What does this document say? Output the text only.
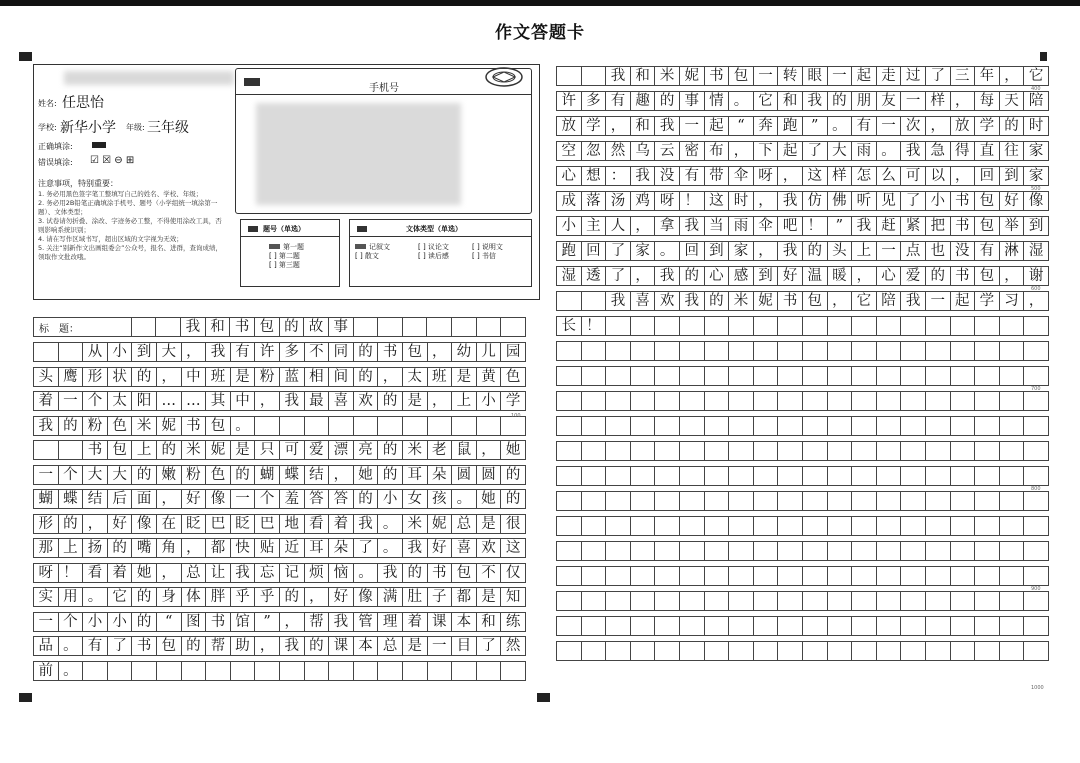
作文答题卡
姓名: 任思怡
学校: 新华小学 年级: 三年级
正确填涂:
错误填涂: ☑ ☒ ⊖ ⊞
注意事项，特别重要：
1. 务必用黑色签字笔工整填写自己的姓名、学校、年级；
2. 务必用2B铅笔正确填涂手机号、题号（小学组统一填涂第一题）、文体类型；
3. 试卷请勿折叠、涂改、字迹务必工整，不得使用涂改工具，否则影响系统识别；
4. 请在写作区域书写，超出区域的文字视为无效；
5. 关注“别新作文出画组委会”公众号，报名、进群，查询成绩，领取作文批改哦。
手机号
题号（单选）
第一题
[ ] 第二题
[ ] 第三题
文体类型（单选）
记叙文	[ ] 议论文	[ ] 说明文
[ ] 散文	[ ] 读后感	[ ] 书信
标　题：	我 和 书 包 的 故 事
从 小 到 大 ， 我 有 许 多 不 同 的 书 包 ， 幼 儿 园
头 鹰 形 状 的 ， 中 班 是 粉 蓝 相 间 的 ， 太 班 是 黄 色
着 一 个 太 阳 … … 其 中 ， 我 最 喜 欢 的 是 ， 上 小 学
我 的 粉 色 米 妮 书 包 。
书 包 上 的 米 妮 是 只 可 爱 漂 亮 的 米 老 鼠 ， 她
一 个 大 大 的 嫩 粉 色 的 蝴 蝶 结 ， 她 的 耳 朵 圆 圆 的
蝴 蝶 结 后 面 ， 好 像 一 个 羞 答 答 的 小 女 孩 。 她 的
形 的 ， 好 像 在 眨 巴 眨 巴 地 看 着 我 。 米 妮 总 是 很
那 上 扬 的 嘴 角 ， 都 快 贴 近 耳 朵 了 。 我 好 喜 欢 这
呀 ！ 看 着 她 ， 总 让 我 忘 记 烦 恼 。 我 的 书 包 不 仅
实 用 。 它 的 身 体 胖 乎 乎 的 ， 好 像 满 肚 子 都 是 知
一 个 小 小 的 “ 图 书 馆 ” ， 帮 我 管 理 着 课 本 和 练
品 。 有 了 书 包 的 帮 助 ， 我 的 课 本 总 是 一 目 了 然
前 。
我 和 米 妮 书 包 一 转 眼 一 起 走 过 了 三 年 ， 它
许 多 有 趣 的 事 情 。 它 和 我 的 朋 友 一 样 ， 每 天 陪
放 学 ， 和 我 一 起 “ 奔 跑 ” 。 有 一 次 ， 放 学 的 时
空 忽 然 乌 云 密 布 ， 下 起 了 大 雨 。 我 急 得 直 往 家
心 想 ： 我 没 有 带 伞 呀 ， 这 样 怎 么 可 以 ， 回 到 家
成 落 汤 鸡 呀 ！ 这 时 ， 我 仿 佛 听 见 了 小 书 包 好 像
小 主 人 ， 拿 我 当 雨 伞 吧 ！ ” 我 赶 紧 把 书 包 举 到
跑 回 了 家 。 回 到 家 ， 我 的 头 上 一 点 也 没 有 淋 湿
湿 透 了 ， 我 的 心 感 到 好 温 暖 ， 心 爱 的 书 包 ， 谢
我 喜 欢 我 的 米 妮 书 包 ， 它 陪 我 一 起 学 习 ，
长 ！
100
400
500
600
700
800
900
1000
